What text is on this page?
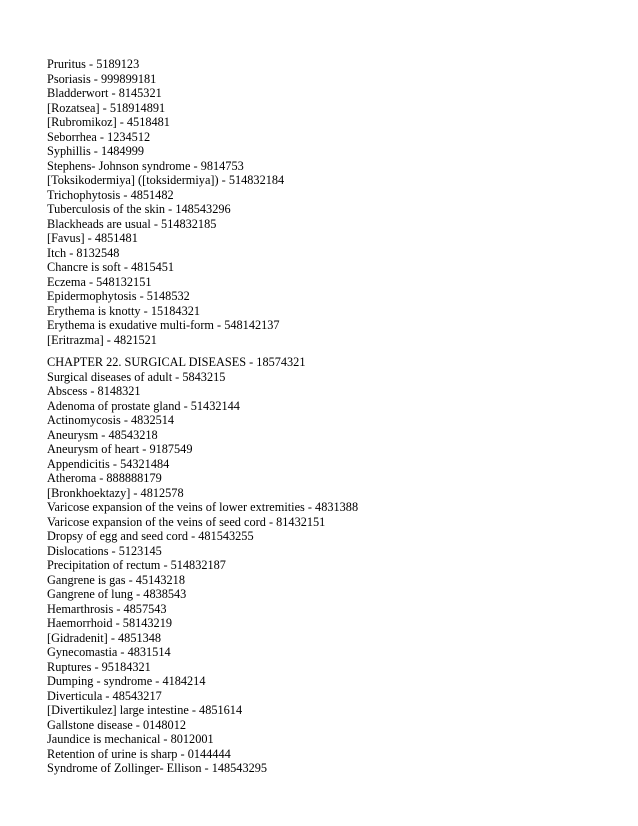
Pruritus - 5189123
Psoriasis - 999899181
Bladderwort - 8145321
[Rozatsea] - 518914891
[Rubromikoz] - 4518481
Seborrhea - 1234512
Syphillis - 1484999
Stephens- Johnson syndrome - 9814753
[Toksikodermiya] ([toksidermiya]) - 514832184
Trichophytosis - 4851482
Tuberculosis of the skin - 148543296
Blackheads are usual - 514832185
[Favus] - 4851481
Itch - 8132548
Chancre is soft - 4815451
Eczema - 548132151
Epidermophytosis - 5148532
Erythema is knotty - 15184321
Erythema is exudative multi-form - 548142137
[Eritrazma] - 4821521
CHAPTER 22. SURGICAL DISEASES - 18574321
Surgical diseases of adult - 5843215
Abscess - 8148321
Adenoma of prostate gland - 51432144
Actinomycosis - 4832514
Aneurysm - 48543218
Aneurysm of heart - 9187549
Appendicitis - 54321484
Atheroma - 888888179
[Bronkhoektazy] - 4812578
Varicose expansion of the veins of lower extremities - 4831388
Varicose expansion of the veins of seed cord - 81432151
Dropsy of egg and seed cord - 481543255
Dislocations - 5123145
Precipitation of rectum - 514832187
Gangrene is gas - 45143218
Gangrene of lung - 4838543
Hemarthrosis - 4857543
Haemorrhoid - 58143219
[Gidradenit] - 4851348
Gynecomastia - 4831514
Ruptures - 95184321
Dumping - syndrome - 4184214
Diverticula - 48543217
[Divertikulez] large intestine - 4851614
Gallstone disease - 0148012
Jaundice is mechanical - 8012001
Retention of urine is sharp - 0144444
Syndrome of Zollinger- Ellison - 148543295
